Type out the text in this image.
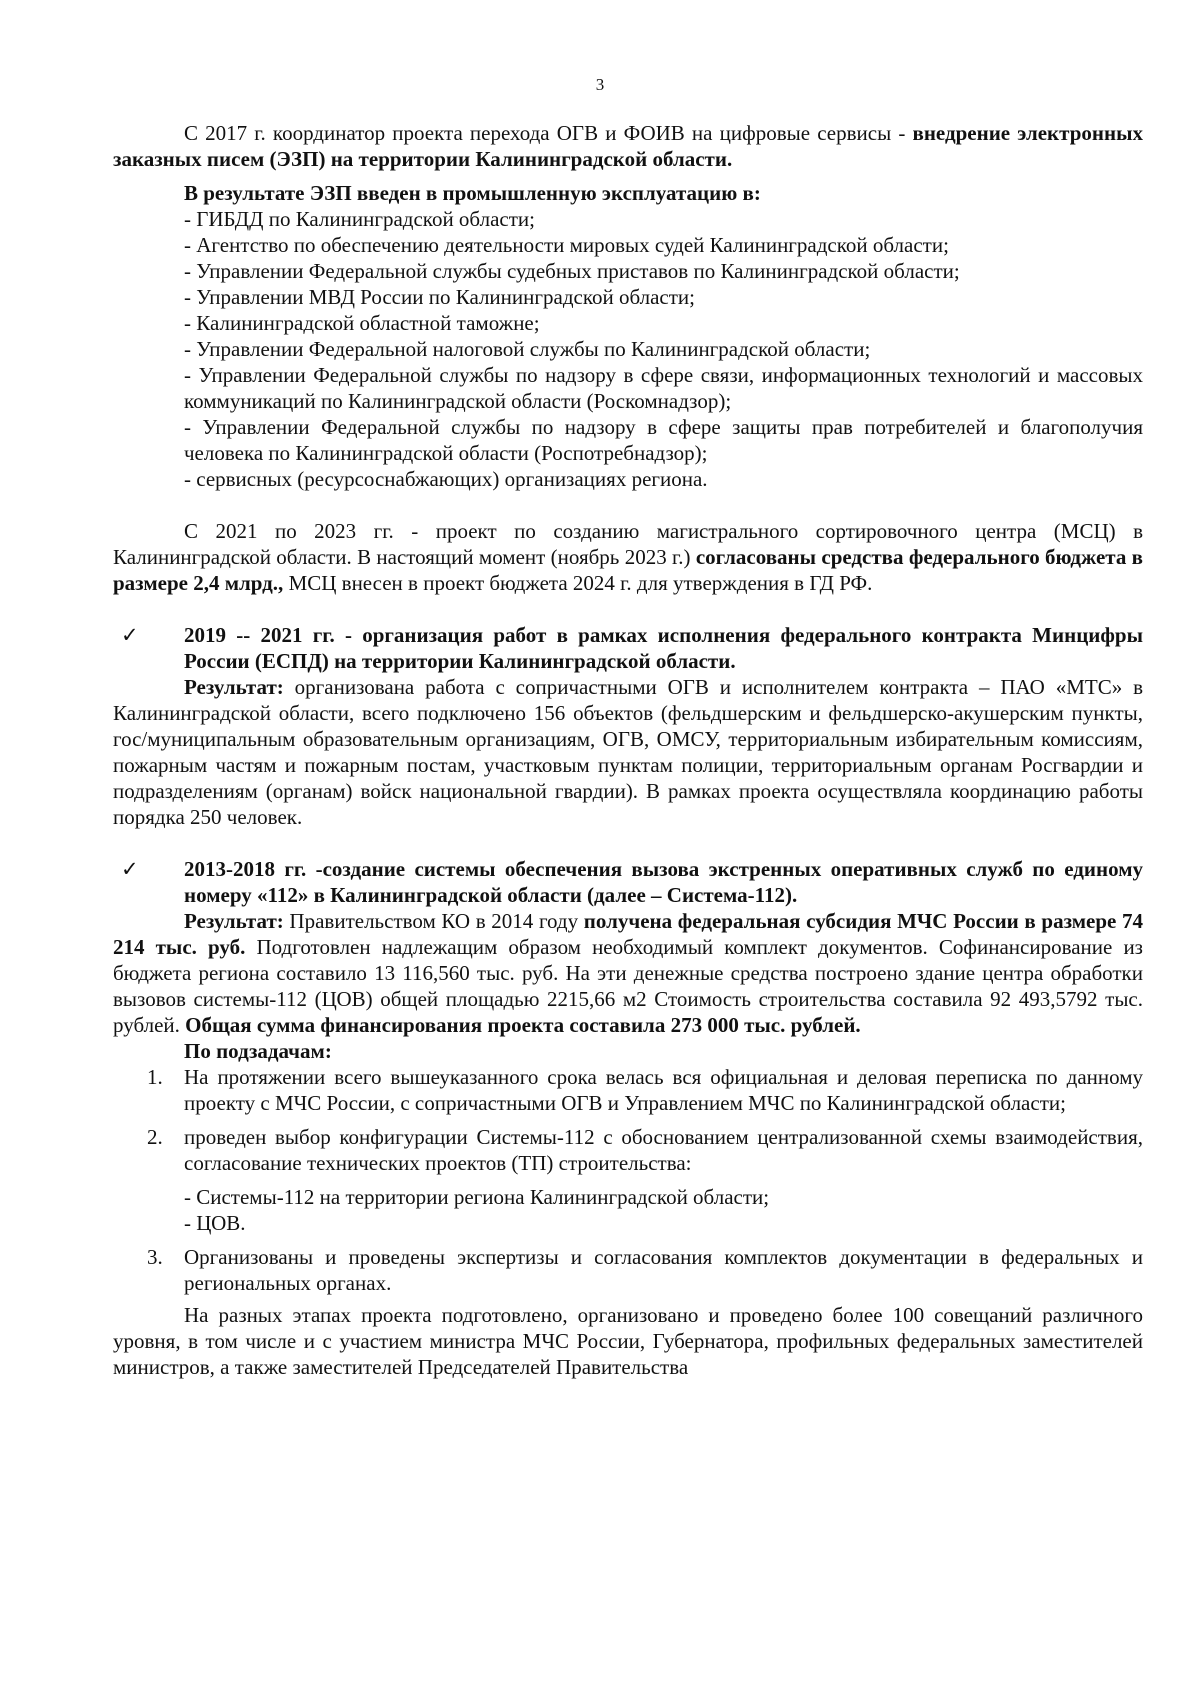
3

С 2017 г. координатор проекта перехода ОГВ и ФОИВ на цифровые сервисы - внедрение электронных заказных писем (ЭЗП) на территории Калининградской области.

В результате ЭЗП введен в промышленную эксплуатацию в:
- ГИБДД по Калининградской области;
- Агентство по обеспечению деятельности мировых судей Калининградской области;
- Управлении Федеральной службы судебных приставов по Калининградской области;
- Управлении МВД России по Калининградской области;
- Калининградской областной таможне;
- Управлении Федеральной налоговой службы по Калининградской области;
- Управлении Федеральной службы по надзору в сфере связи, информационных технологий и массовых коммуникаций по Калининградской области (Роскомнадзор);
- Управлении Федеральной службы по надзору в сфере защиты прав потребителей и благополучия человека по Калининградской области (Роспотребнадзор);
- сервисных (ресурсоснабжающих) организациях региона.

С 2021 по 2023 гг. - проект по созданию магистрального сортировочного центра (МСЦ) в Калининградской области. В настоящий момент (ноябрь 2023 г.) согласованы средства федерального бюджета в размере 2,4 млрд., МСЦ внесен в проект бюджета 2024 г. для утверждения в ГД РФ.

✓	2019 -- 2021 гг. - организация работ в рамках исполнения федерального контракта Минцифры России (ЕСПД) на территории Калининградской области.

Результат: организована работа с сопричастными ОГВ и исполнителем контракта – ПАО «МТС» в Калининградской области, всего подключено 156 объектов (фельдшерским и фельдшерско-акушерским пункты, гос/муниципальным образовательным организациям, ОГВ, ОМСУ, территориальным избирательным комиссиям, пожарным частям и пожарным постам, участковым пунктам полиции, территориальным органам Росгвардии и подразделениям (органам) войск национальной гвардии). В рамках проекта осуществляла координацию работы порядка 250 человек.

✓	2013-2018 гг. -создание системы обеспечения вызова экстренных оперативных служб по единому номеру «112» в Калининградской области (далее – Система-112).

Результат: Правительством КО в 2014 году получена федеральная субсидия МЧС России в размере 74 214 тыс. руб. Подготовлен надлежащим образом необходимый комплект документов. Софинансирование из бюджета региона составило 13 116,560 тыс. руб. На эти денежные средства построено здание центра обработки вызовов системы-112 (ЦОВ) общей площадью 2215,66 м2 Стоимость строительства составила 92 493,5792 тыс. рублей. Общая сумма финансирования проекта составила 273 000 тыс. рублей.

По подзадачам:
1. На протяжении всего вышеуказанного срока велась вся официальная и деловая переписка по данному проекту с МЧС России, с сопричастными ОГВ и Управлением МЧС по Калининградской области;
2. проведен выбор конфигурации Системы-112 с обоснованием централизованной схемы взаимодействия, согласование технических проектов (ТП) строительства:
- Системы-112 на территории региона Калининградской области;
- ЦОВ.
3. Организованы и проведены экспертизы и согласования комплектов документации в федеральных и региональных органах.

На разных этапах проекта подготовлено, организовано и проведено более 100 совещаний различного уровня, в том числе и с участием министра МЧС России, Губернатора, профильных федеральных заместителей министров, а также заместителей Председателей Правительства
